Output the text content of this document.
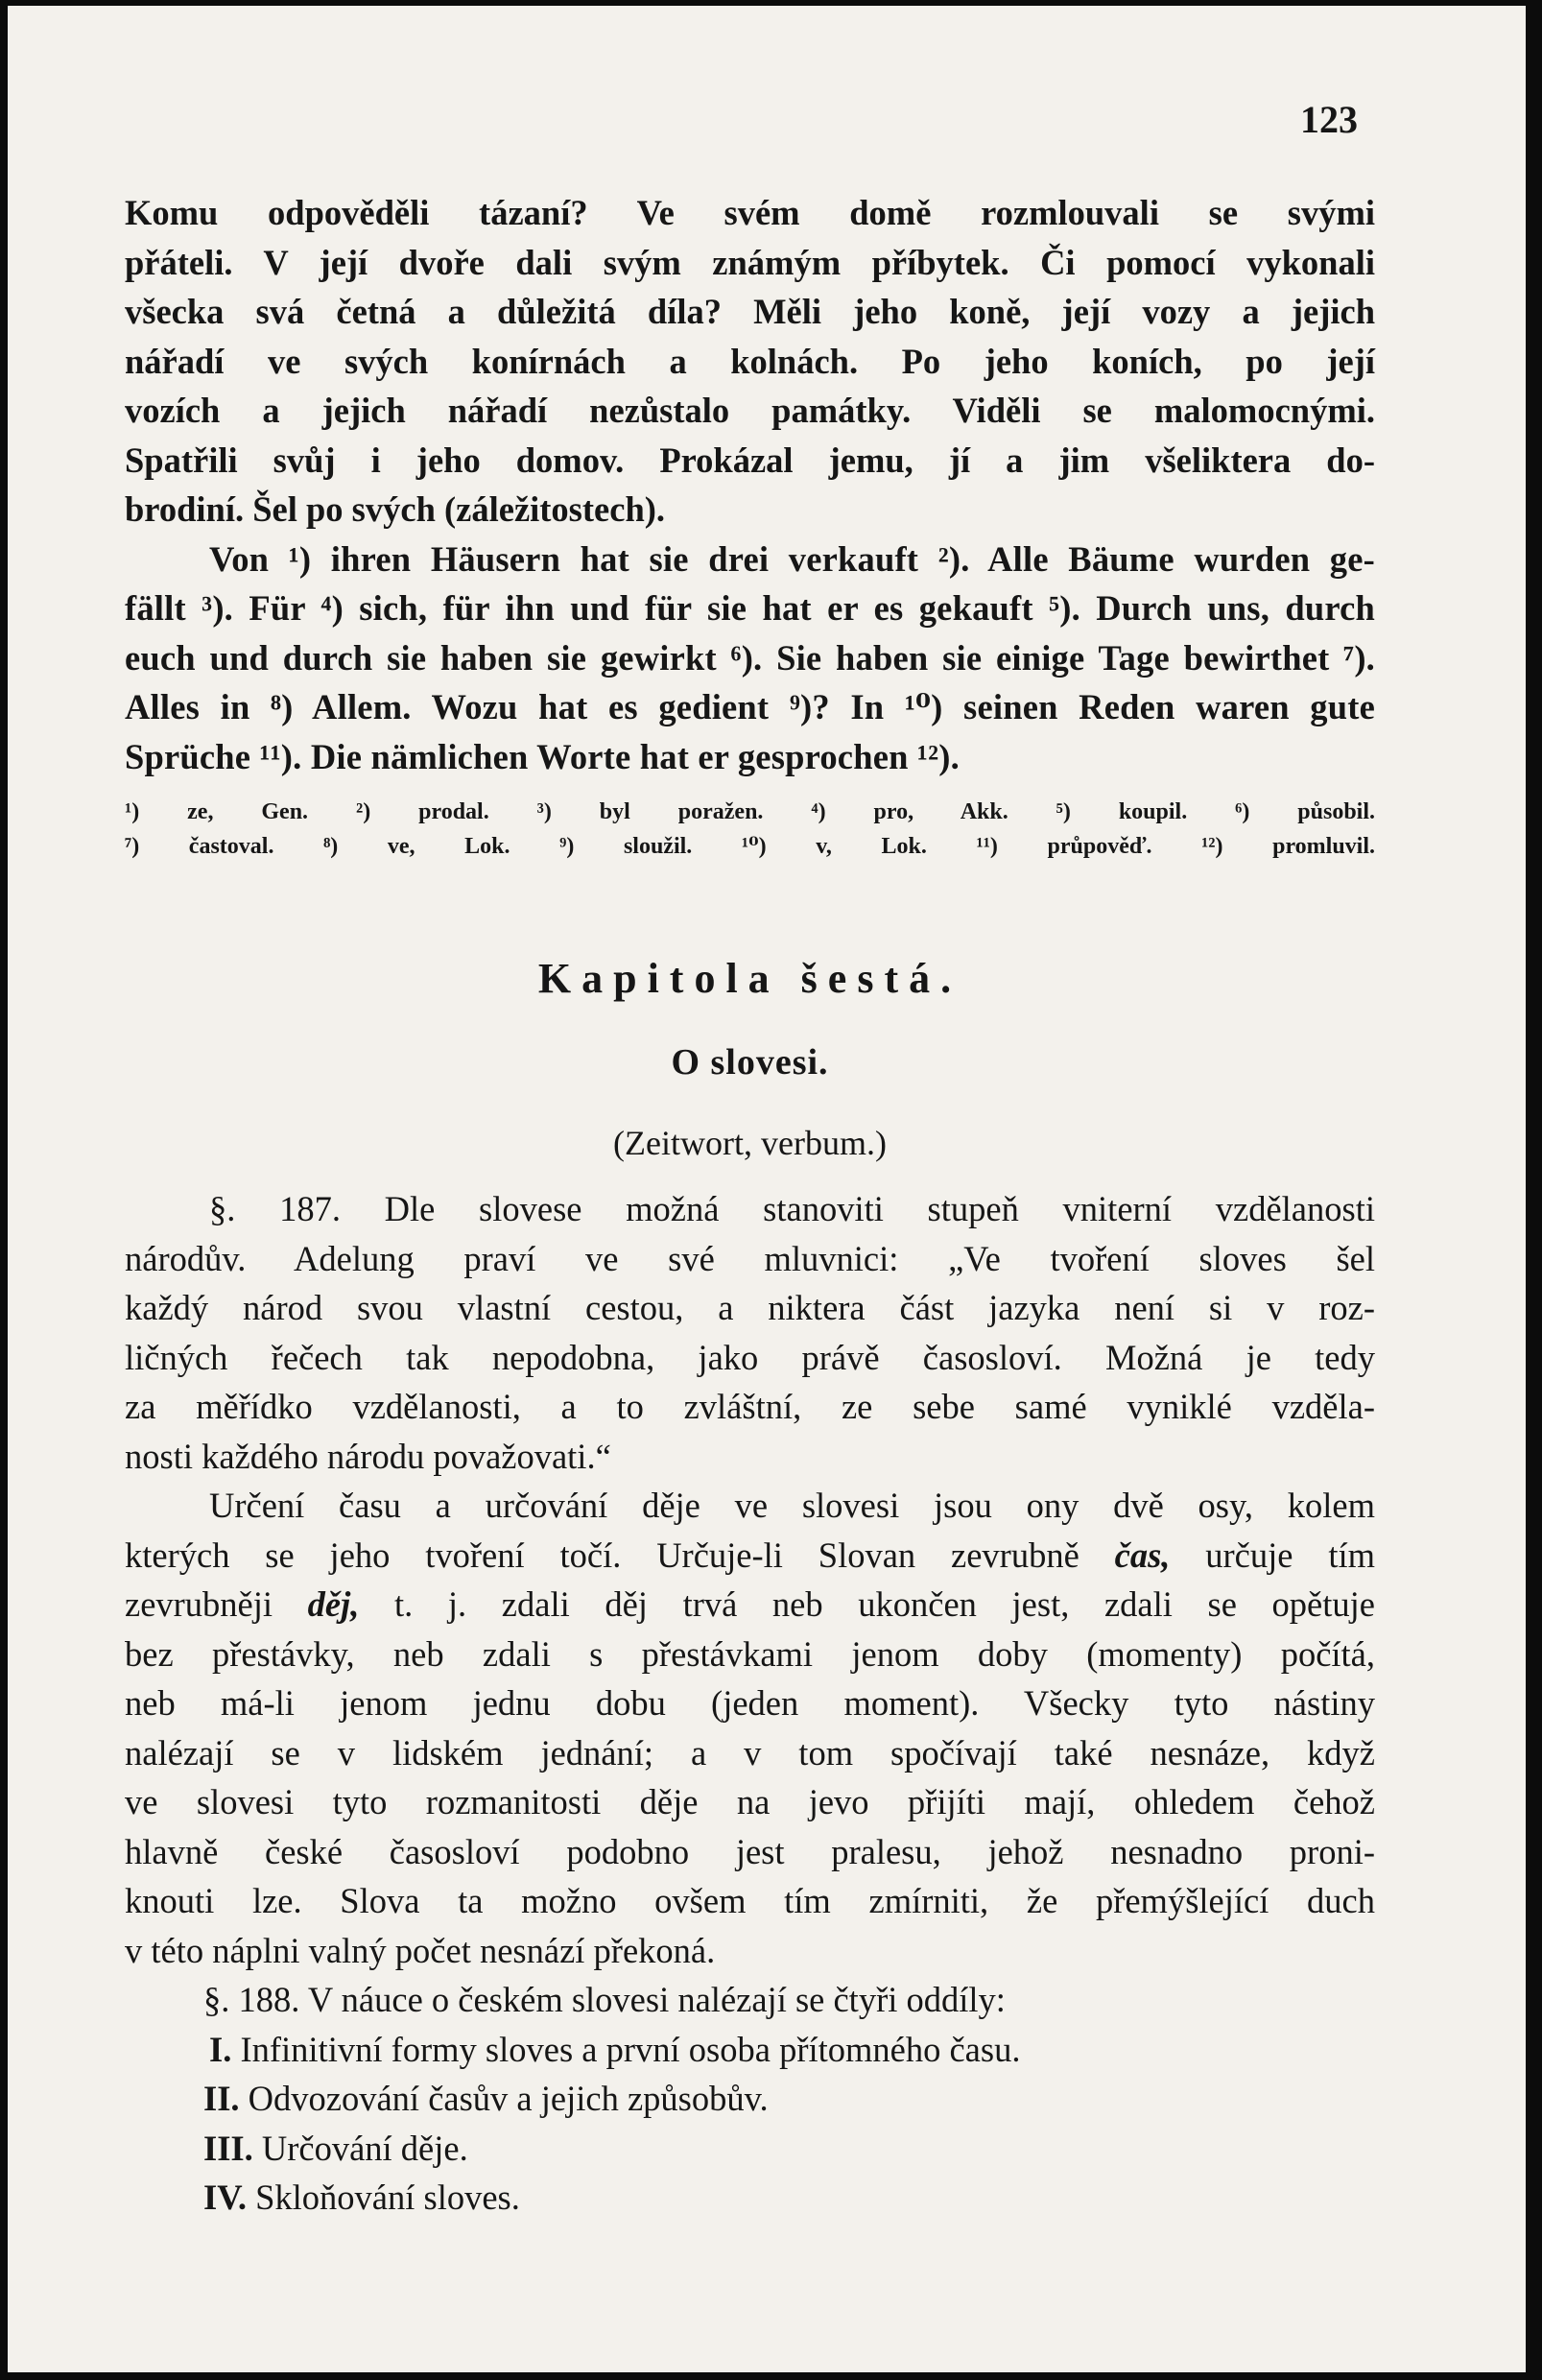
123
Komu odpověděli tázaní? Ve svém domě rozmlouvali se svými
přáteli. V její dvoře dali svým známým příbytek. Či pomocí vykonali
všecka svá četná a důležitá díla? Měli jeho koně, její vozy a jejich
nářadí ve svých konírnách a kolnách. Po jeho koních, po její
vozích a jejich nářadí nezůstalo památky. Viděli se malomocnými.
Spatřili svůj i jeho domov. Prokázal jemu, jí a jim všeliktera do-
brodiní. Šel po svých (záležitostech).
Von ¹) ihren Häusern hat sie drei verkauft ²). Alle Bäume wurden ge-
fällt ³). Für ⁴) sich, für ihn und für sie hat er es gekauft ⁵). Durch uns, durch
euch und durch sie haben sie gewirkt ⁶). Sie haben sie einige Tage bewirthet ⁷).
Alles in ⁸) Allem. Wozu hat es gedient ⁹)? In ¹⁰) seinen Reden waren gute
Sprüche ¹¹). Die nämlichen Worte hat er gesprochen ¹²).
¹) ze, Gen. ²) prodal. ³) byl poražen. ⁴) pro, Akk. ⁵) koupil. ⁶) působil.
⁷) častoval. ⁸) ve, Lok. ⁹) sloužil. ¹⁰) v, Lok. ¹¹) průpověď. ¹²) promluvil.
Kapitola šestá.
O slovesi.
(Zeitwort, verbum.)
§. 187. Dle slovese možná stanoviti stupeň vniterní vzdělanosti
národův. Adelung praví ve své mluvnici: „Ve tvoření sloves šel
každý národ svou vlastní cestou, a niktera část jazyka není si v roz-
ličných řečech tak nepodobna, jako právě časosloví. Možná je tedy
za měřídko vzdělanosti, a to zvláštní, ze sebe samé vyniklé vzděla-
nosti každého národu považovati.“
Určení času a určování děje ve slovesi jsou ony dvě osy, kolem
kterých se jeho tvoření točí. Určuje-li Slovan zevrubně čas, určuje tím
zevrubněji děj, t. j. zdali děj trvá neb ukončen jest, zdali se opětuje
bez přestávky, neb zdali s přestávkami jenom doby (momenty) počítá,
neb má-li jenom jednu dobu (jeden moment). Všecky tyto nástiny
nalézají se v lidském jednání; a v tom spočívají také nesnáze, když
ve slovesi tyto rozmanitosti děje na jevo přijíti mají, ohledem čehož
hlavně české časosloví podobno jest pralesu, jehož nesnadno proni-
knouti lze. Slova ta možno ovšem tím zmírniti, že přemýšlející duch
v této náplni valný počet nesnází překoná.
§. 188. V náuce o českém slovesi nalézají se čtyři oddíly:
I. Infinitivní formy sloves a první osoba přítomného času.
II. Odvozování časův a jejich způsobův.
III. Určování děje.
IV. Skloňování sloves.
